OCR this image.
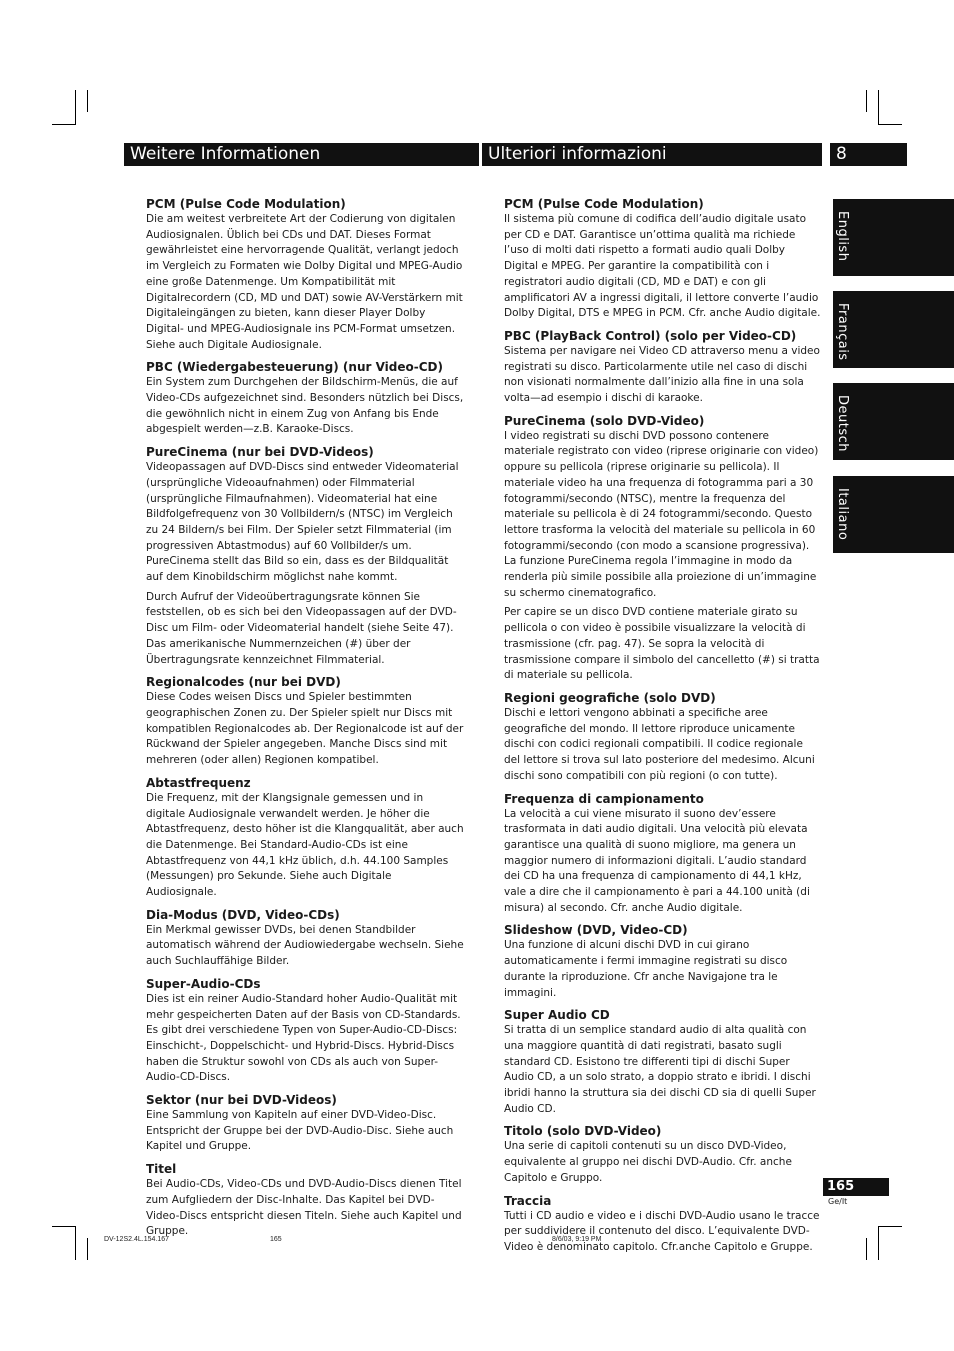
Weitere Informationen	Ulteriori informazioni	8
English
Français
Deutsch
Italiano
PCM (Pulse Code Modulation)

Die am weitest verbreitete Art der Codierung von digitalen Audiosignalen. Üblich bei CDs und DAT. Dieses Format gewährleistet eine hervorragende Qualität, verlangt jedoch im Vergleich zu Formaten wie Dolby Digital und MPEG-Audio eine große Datenmenge. Um Kompatibilität mit Digitalrecordern (CD, MD und DAT) sowie AV-Verstärkern mit Digitaleingängen zu bieten, kann dieser Player Dolby Digital- und MPEG-Audiosignale ins PCM-Format umsetzen. Siehe auch Digitale Audiosignale.

PBC (Wiedergabesteuerung) (nur Video-CD)

Ein System zum Durchgehen der Bildschirm-Menüs, die auf Video-CDs aufgezeichnet sind. Besonders nützlich bei Discs, die gewöhnlich nicht in einem Zug von Anfang bis Ende abgespielt werden—z.B. Karaoke-Discs.

PureCinema (nur bei DVD-Videos)

Videopassagen auf DVD-Discs sind entweder Videomaterial (ursprüngliche Videoaufnahmen) oder Filmmaterial (ursprüngliche Filmaufnahmen). Videomaterial hat eine Bildfolgefrequenz von 30 Vollbildern/s (NTSC) im Vergleich zu 24 Bildern/s bei Film. Der Spieler setzt Filmmaterial (im progressiven Abtastmodus) auf 60 Vollbilder/s um. PureCinema stellt das Bild so ein, dass es der Bildqualität auf dem Kinobildschirm möglichst nahe kommt.

Durch Aufruf der Videoübertragungsrate können Sie feststellen, ob es sich bei den Videopassagen auf der DVD-Disc um Film- oder Videomaterial handelt (siehe Seite 47). Das amerikanische Nummernzeichen (#) über der Übertragungsrate kennzeichnet Filmmaterial.

Regionalcodes (nur bei DVD)

Diese Codes weisen Discs und Spieler bestimmten geographischen Zonen zu. Der Spieler spielt nur Discs mit kompatiblen Regionalcodes ab. Der Regionalcode ist auf der Rückwand der Spieler angegeben. Manche Discs sind mit mehreren (oder allen) Regionen kompatibel.

Abtastfrequenz

Die Frequenz, mit der Klangsignale gemessen und in digitale Audiosignale verwandelt werden. Je höher die Abtastfrequenz, desto höher ist die Klangqualität, aber auch die Datenmenge. Bei Standard-Audio-CDs ist eine Abtastfrequenz von 44,1 kHz üblich, d.h. 44.100 Samples (Messungen) pro Sekunde. Siehe auch Digitale Audiosignale.

Dia-Modus (DVD, Video-CDs)

Ein Merkmal gewisser DVDs, bei denen Standbilder automatisch während der Audiowiedergabe wechseln. Siehe auch Suchlauffähige Bilder.

Super-Audio-CDs

Dies ist ein reiner Audio-Standard hoher Audio-Qualität mit mehr gespeicherten Daten auf der Basis von CD-Standards. Es gibt drei verschiedene Typen von Super-Audio-CD-Discs: Einschicht-, Doppelschicht- und Hybrid-Discs. Hybrid-Discs haben die Struktur sowohl von CDs als auch von Super-Audio-CD-Discs.

Sektor (nur bei DVD-Videos)

Eine Sammlung von Kapiteln auf einer DVD-Video-Disc. Entspricht der Gruppe bei der DVD-Audio-Disc. Siehe auch Kapitel und Gruppe.

Titel

Bei Audio-CDs, Video-CDs und DVD-Audio-Discs dienen Titel zum Aufgliedern der Disc-Inhalte. Das Kapitel bei DVD-Video-Discs entspricht diesen Titeln. Siehe auch Kapitel und Gruppe.

PCM (Pulse Code Modulation)

Il sistema più comune di codifica dell’audio digitale usato per CD e DAT. Garantisce un’ottima qualità ma richiede l’uso di molti dati rispetto a formati audio quali Dolby Digital e MPEG. Per garantire la compatibilità con i registratori audio digitali (CD, MD e DAT) e con gli amplificatori AV a ingressi digitali, il lettore converte l’audio Dolby Digital, DTS e MPEG in PCM. Cfr. anche Audio digitale.

PBC (PlayBack Control) (solo per Video-CD)

Sistema per navigare nei Video CD attraverso menu a video registrati su disco. Particolarmente utile nel caso di dischi non visionati normalmente dall’inizio alla fine in una sola volta—ad esempio i dischi di karaoke.

PureCinema (solo DVD-Video)

I video registrati su dischi DVD possono contenere materiale registrato con video (riprese originarie con video) oppure su pellicola (riprese originarie su pellicola). Il materiale video ha una frequenza di fotogramma pari a 30 fotogrammi/secondo (NTSC), mentre la frequenza del materiale su pellicola è di 24 fotogrammi/secondo. Questo lettore trasforma la velocità del materiale su pellicola in 60 fotogrammi/secondo (con modo a scansione progressiva). La funzione PureCinema regola l’immagine in modo da renderla più simile possibile alla proiezione di un’immagine su schermo cinematografico.

Per capire se un disco DVD contiene materiale girato su pellicola o con video è possibile visualizzare la velocità di trasmissione (cfr. pag. 47). Se sopra la velocità di trasmissione compare il simbolo del cancelletto (#) si tratta di materiale su pellicola.

Regioni geografiche (solo DVD)

Dischi e lettori vengono abbinati a specifiche aree geografiche del mondo. Il lettore riproduce unicamente dischi con codici regionali compatibili. Il codice regionale del lettore si trova sul lato posteriore del medesimo. Alcuni dischi sono compatibili con più regioni (o con tutte).

Frequenza di campionamento

La velocità a cui viene misurato il suono dev’essere trasformata in dati audio digitali. Una velocità più elevata garantisce una qualità di suono migliore, ma genera un maggior numero di informazioni digitali. L’audio standard dei CD ha una frequenza di campionamento di 44,1 kHz, vale a dire che il campionamento è pari a 44.100 unità (di misura) al secondo. Cfr. anche Audio digitale.

Slideshow (DVD, Video-CD)

Una funzione di alcuni dischi DVD in cui girano automaticamente i fermi immagine registrati su disco durante la riproduzione. Cfr anche Navigajone tra le immagini.

Super Audio CD

Si tratta di un semplice standard audio di alta qualità con una maggiore quantità di dati registrati, basato sugli standard CD. Esistono tre differenti tipi di dischi Super Audio CD, a un solo strato, a doppio strato e ibridi. I dischi ibridi hanno la struttura sia dei dischi CD sia di quelli Super Audio CD.

Titolo (solo DVD-Video)

Una serie di capitoli contenuti su un disco DVD-Video, equivalente al gruppo nei dischi DVD-Audio. Cfr. anche Capitolo e Gruppo.

Traccia

Tutti i CD audio e video e i dischi DVD-Audio usano le tracce per suddividere il contenuto del disco. L’equivalente DVD-Video è denominato capitolo. Cfr.anche Capitolo e Gruppe.

165
Ge/It
DV-12S2.4L.154.167	165	8/6/03, 9:19 PM
